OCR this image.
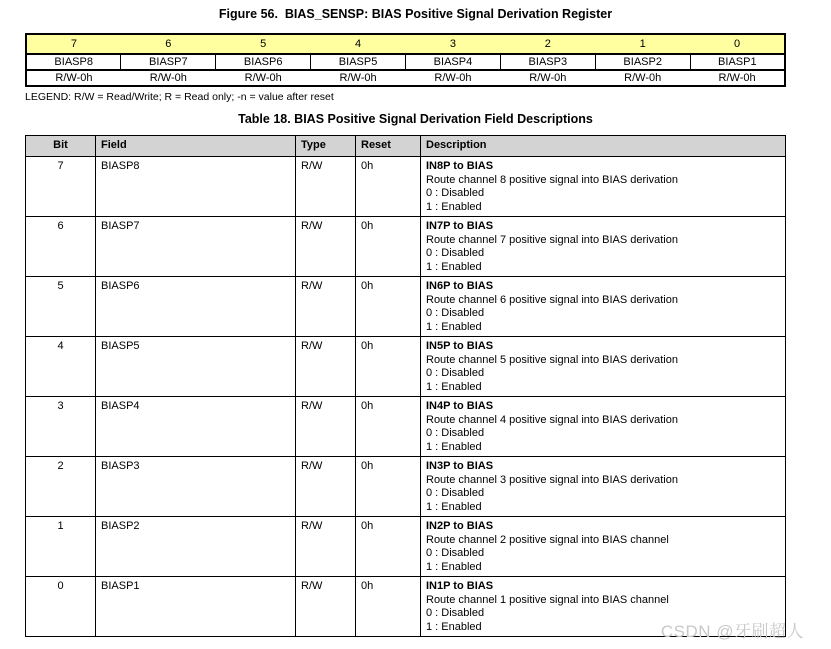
Figure 56.  BIAS_SENSP: BIAS Positive Signal Derivation Register
7	6	5	4	3	2	1	0
BIASP8	BIASP7	BIASP6	BIASP5	BIASP4	BIASP3	BIASP2	BIASP1
R/W-0h	R/W-0h	R/W-0h	R/W-0h	R/W-0h	R/W-0h	R/W-0h	R/W-0h
LEGEND: R/W = Read/Write; R = Read only; -n = value after reset
Table 18. BIAS Positive Signal Derivation Field Descriptions
Bit	Field	Type	Reset	Description
7	BIASP8	R/W	0h	IN8P to BIAS
Route channel 8 positive signal into BIAS derivation
0 : Disabled
1 : Enabled

6	BIASP7	R/W	0h	IN7P to BIAS
Route channel 7 positive signal into BIAS derivation
0 : Disabled
1 : Enabled

5	BIASP6	R/W	0h	IN6P to BIAS
Route channel 6 positive signal into BIAS derivation
0 : Disabled
1 : Enabled

4	BIASP5	R/W	0h	IN5P to BIAS
Route channel 5 positive signal into BIAS derivation
0 : Disabled
1 : Enabled

3	BIASP4	R/W	0h	IN4P to BIAS
Route channel 4 positive signal into BIAS derivation
0 : Disabled
1 : Enabled

2	BIASP3	R/W	0h	IN3P to BIAS
Route channel 3 positive signal into BIAS derivation
0 : Disabled
1 : Enabled

1	BIASP2	R/W	0h	IN2P to BIAS
Route channel 2 positive signal into BIAS channel
0 : Disabled
1 : Enabled

0	BIASP1	R/W	0h	IN1P to BIAS
Route channel 1 positive signal into BIAS channel
0 : Disabled
1 : Enabled	CSDN @牙刷超人
